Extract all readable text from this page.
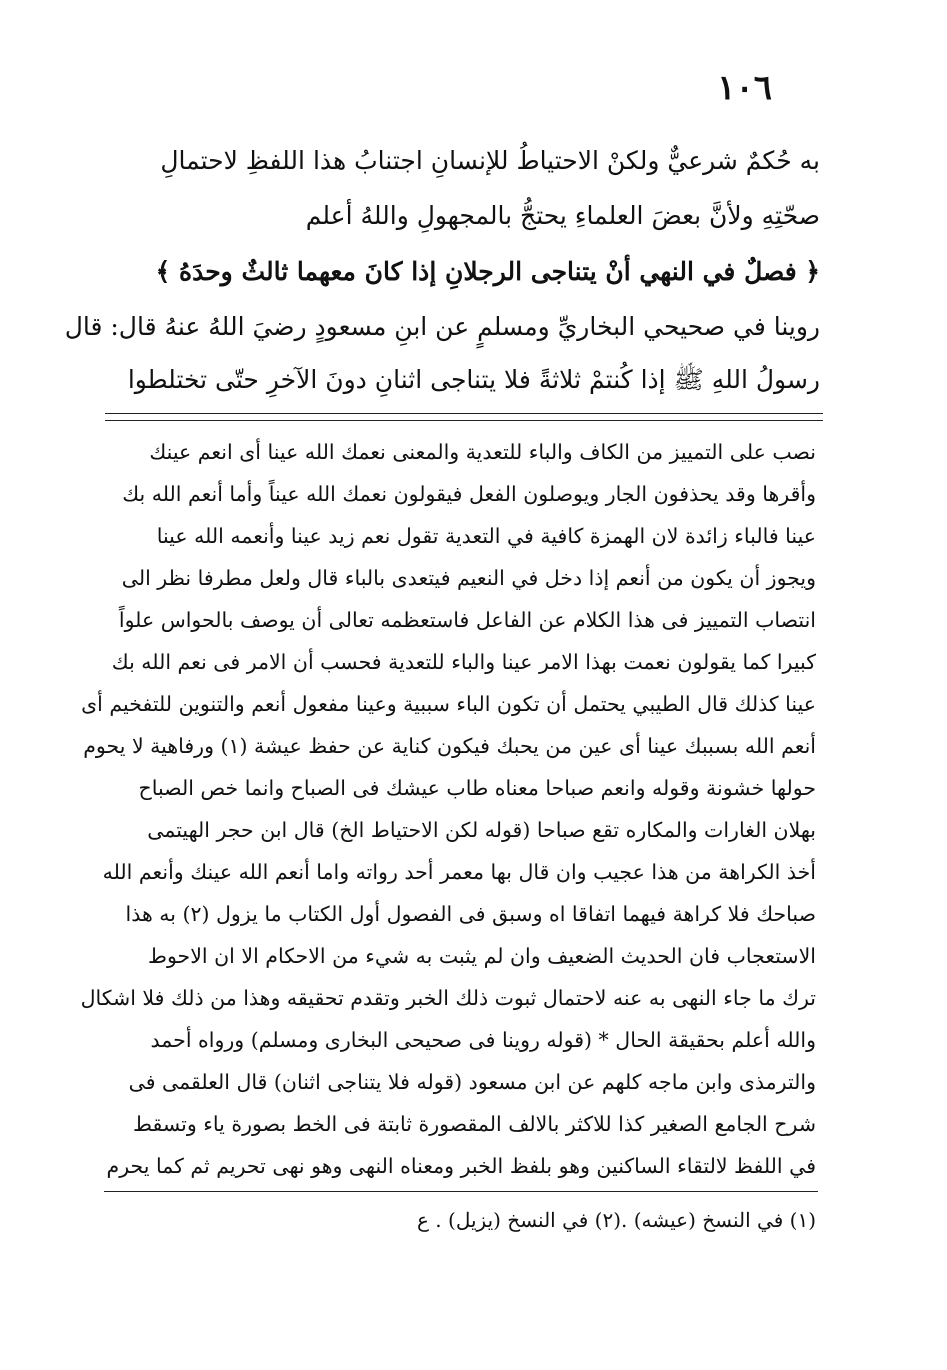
١٠٦
به حُكمٌ شرعيٌّ ولكنْ الاحتياطُ للإنسانِ اجتنابُ هذا اللفظِ لاحتمالِ
صحّتِهِ ولأنَّ بعضَ العلماءِ يحتجُّ بالمجهولِ واللهُ أعلم
﴿ فصلٌ في النهي أنْ يتناجى الرجلانِ إذا كانَ معهما ثالثٌ وحدَهُ ﴾
روينا في صحيحي البخاريِّ ومسلمٍ عن ابنِ مسعودٍ رضيَ اللهُ عنهُ قال: قال
رسولُ اللهِ ﷺ إذا كُنتمْ ثلاثةً فلا يتناجى اثنانِ دونَ الآخرِ حتّى تختلطوا
نصب على التمييز من الكاف والباء للتعدية والمعنى نعمك الله عينا أى انعم عينك
وأقرها وقد يحذفون الجار ويوصلون الفعل فيقولون نعمك الله عيناً وأما أنعم الله بك
عينا فالباء زائدة لان الهمزة كافية في التعدية تقول نعم زيد عينا وأنعمه الله عينا
ويجوز أن يكون من أنعم إذا دخل في النعيم فيتعدى بالباء قال ولعل مطرفا نظر الى
انتصاب التمييز فى هذا الكلام عن الفاعل فاستعظمه تعالى أن يوصف بالحواس علواً
كبيرا كما يقولون نعمت بهذا الامر عينا والباء للتعدية فحسب أن الامر فى نعم الله بك
عينا كذلك قال الطيبي يحتمل أن تكون الباء سببية وعينا مفعول أنعم والتنوين للتفخيم أى
أنعم الله بسببك عينا أى عين من يحبك فيكون كناية عن حفظ عيشة (١) ورفاهية لا يحوم
حولها خشونة وقوله وانعم صباحا معناه طاب عيشك فى الصباح وانما خص الصباح
بهلان الغارات والمكاره تقع صباحا (قوله لكن الاحتياط الخ) قال ابن حجر الهيتمى
أخذ الكراهة من هذا عجيب وان قال بها معمر أحد رواته واما أنعم الله عينك وأنعم الله
صباحك فلا كراهة فيهما اتفاقا اه وسبق فى الفصول أول الكتاب ما يزول (٢) به هذا
الاستعجاب فان الحديث الضعيف وان لم يثبت به شيء من الاحكام الا ان الاحوط
ترك ما جاء النهى به عنه لاحتمال ثبوت ذلك الخبر وتقدم تحقيقه وهذا من ذلك فلا اشكال
والله أعلم بحقيقة الحال * (قوله روينا فى صحيحى البخارى ومسلم) ورواه أحمد
والترمذى وابن ماجه كلهم عن ابن مسعود (قوله فلا يتناجى اثنان) قال العلقمى فى
شرح الجامع الصغير كذا للاكثر بالالف المقصورة ثابتة فى الخط بصورة ياء وتسقط
في اللفظ لالتقاء الساكنين وهو بلفظ الخبر ومعناه النهى وهو نهى تحريم ثم كما يحرم
(١) في النسخ (عيشه) .(٢) في النسخ (يزيل) . ع
